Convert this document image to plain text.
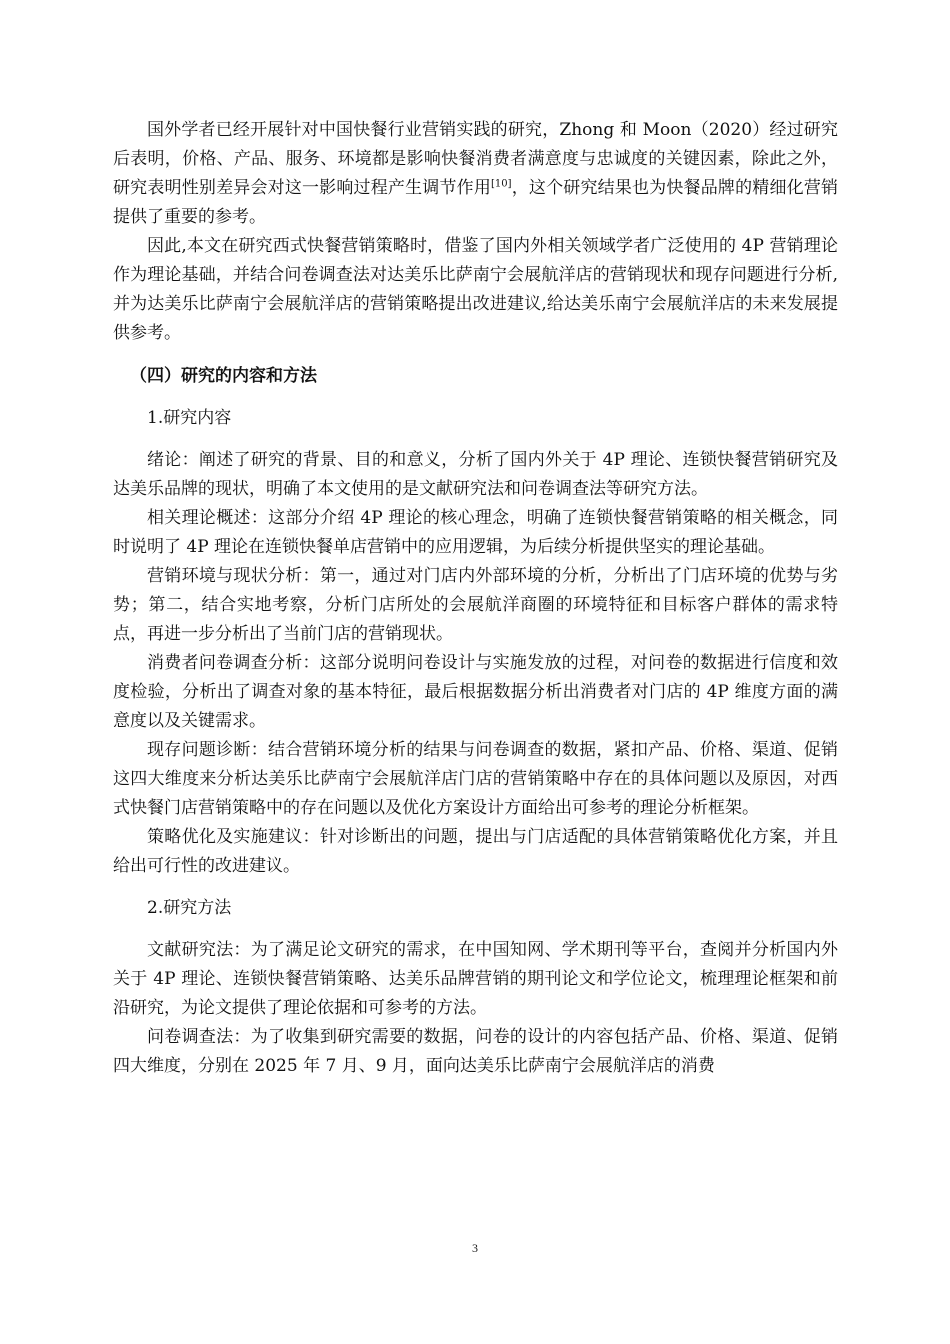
国外学者已经开展针对中国快餐行业营销实践的研究，Zhong 和 Moon（2020）经过研究后表明，价格、产品、服务、环境都是影响快餐消费者满意度与忠诚度的关键因素，除此之外，研究表明性别差异会对这一影响过程产生调节作用[10]，这个研究结果也为快餐品牌的精细化营销提供了重要的参考。

因此,本文在研究西式快餐营销策略时，借鉴了国内外相关领域学者广泛使用的 4P 营销理论作为理论基础，并结合问卷调查法对达美乐比萨南宁会展航洋店的营销现状和现存问题进行分析,并为达美乐比萨南宁会展航洋店的营销策略提出改进建议,给达美乐南宁会展航洋店的未来发展提供参考。

（四）研究的内容和方法

1.研究内容

绪论：阐述了研究的背景、目的和意义，分析了国内外关于 4P 理论、连锁快餐营销研究及达美乐品牌的现状，明确了本文使用的是文献研究法和问卷调查法等研究方法。

相关理论概述：这部分介绍 4P 理论的核心理念，明确了连锁快餐营销策略的相关概念，同时说明了 4P 理论在连锁快餐单店营销中的应用逻辑，为后续分析提供坚实的理论基础。

营销环境与现状分析：第一，通过对门店内外部环境的分析，分析出了门店环境的优势与劣势；第二，结合实地考察，分析门店所处的会展航洋商圈的环境特征和目标客户群体的需求特点，再进一步分析出了当前门店的营销现状。

消费者问卷调查分析：这部分说明问卷设计与实施发放的过程，对问卷的数据进行信度和效度检验，分析出了调查对象的基本特征，最后根据数据分析出消费者对门店的 4P 维度方面的满意度以及关键需求。

现存问题诊断：结合营销环境分析的结果与问卷调查的数据，紧扣产品、价格、渠道、促销这四大维度来分析达美乐比萨南宁会展航洋店门店的营销策略中存在的具体问题以及原因，对西式快餐门店营销策略中的存在问题以及优化方案设计方面给出可参考的理论分析框架。

策略优化及实施建议：针对诊断出的问题，提出与门店适配的具体营销策略优化方案，并且给出可行性的改进建议。

2.研究方法

文献研究法：为了满足论文研究的需求，在中国知网、学术期刊等平台，查阅并分析国内外关于 4P 理论、连锁快餐营销策略、达美乐品牌营销的期刊论文和学位论文，梳理理论框架和前沿研究，为论文提供了理论依据和可参考的方法。

问卷调查法：为了收集到研究需要的数据，问卷的设计的内容包括产品、价格、渠道、促销四大维度，分别在 2025 年 7 月、9 月，面向达美乐比萨南宁会展航洋店的消费

3
